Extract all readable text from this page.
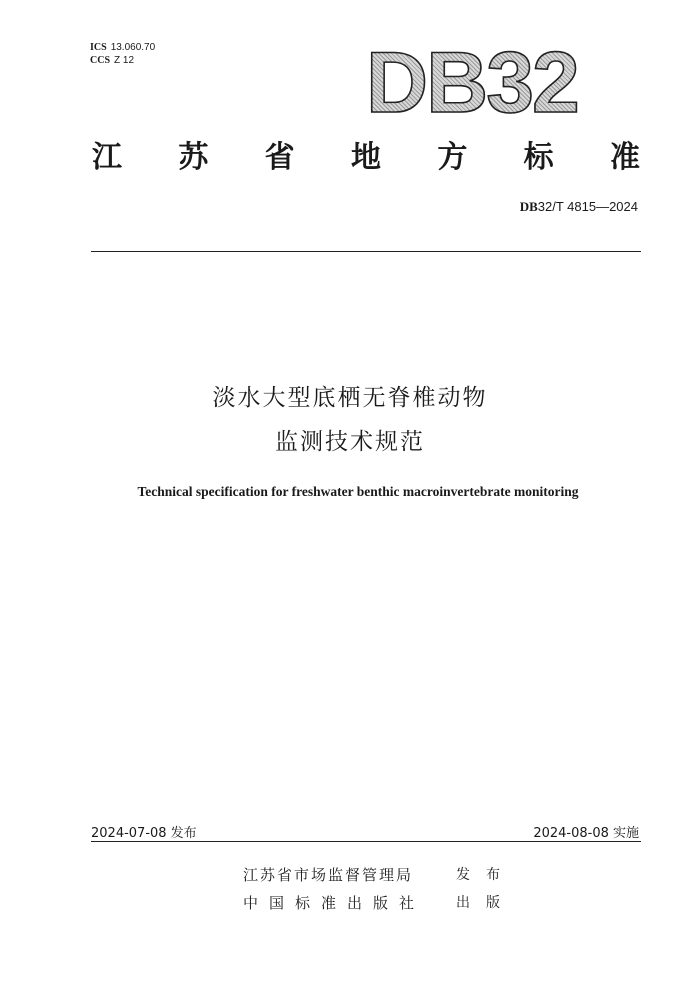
ICS 13.060.70
CCS Z 12	DB32
江 苏 省 地 方 标 准
DB32/T 4815—2024
淡水大型底栖无脊椎动物
监测技术规范
Technical specification for freshwater benthic macroinvertebrate monitoring
2024-07-08 发布	2024-08-08 实施
江苏省市场监督管理局
中国标准出版社
发布
出版
